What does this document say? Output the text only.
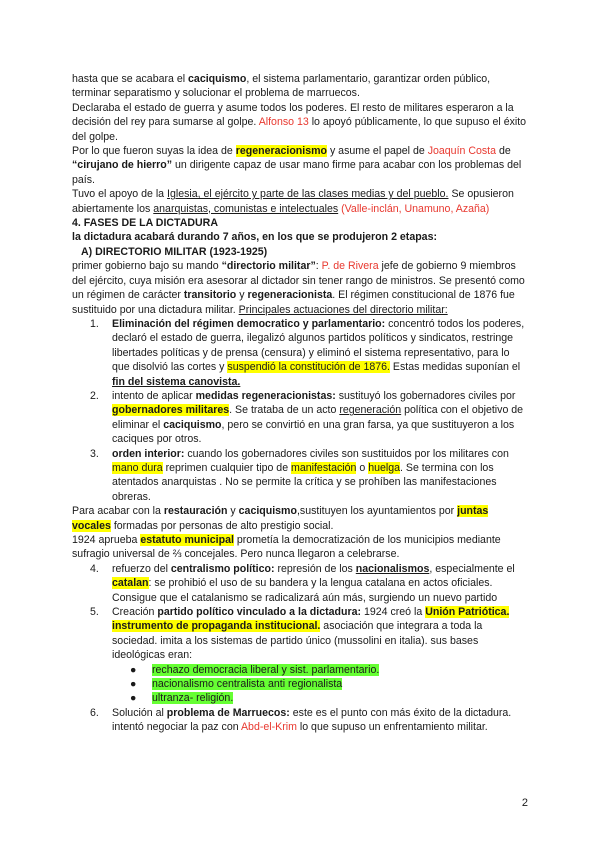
hasta que se acabara el caciquismo, el sistema parlamentario, garantizar orden público, terminar separatismo y solucionar el problema de marruecos.

Declaraba el estado de guerra y asume todos los poderes. El resto de militares esperaron a la decisión del rey para sumarse al golpe. Alfonso 13 lo apoyó públicamente, lo que supuso el éxito del golpe.

Por lo que fueron suyas la idea de regeneracionismo y asume el papel de Joaquín Costa de “cirujano de hierro” un dirigente capaz de usar mano firme para acabar con los problemas del país.

Tuvo el apoyo de la Iglesia, el ejército y parte de las clases medias y del pueblo. Se opusieron abiertamente los anarquistas, comunistas e intelectuales (Valle-inclán, Unamuno, Azaña)

4. FASES DE LA DICTADURA

la dictadura acabará durando 7 años, en los que se produjeron 2 etapas:

A) DIRECTORIO MILITAR (1923-1925)

primer gobierno bajo su mando “directorio militar”: P. de Rivera jefe de gobierno 9 miembros del ejército, cuya misión era asesorar al dictador sin tener rango de ministros. Se presentó como un régimen de carácter transitorio y regeneracionista. El régimen constitucional de 1876 fue sustituido por una dictadura militar. Principales actuaciones del directorio militar:

1. Eliminación del régimen democratico y parlamentario: concentró todos los poderes, declaró el estado de guerra, ilegalizó algunos partidos políticos y sindicatos, restringe libertades políticas y de prensa (censura) y eliminó el sistema representativo, para lo que disolvió las cortes y suspendió la constitución de 1876. Estas medidas suponían el fin del sistema canovista.
2. intento de aplicar medidas regeneracionistas: sustituyó los gobernadores civiles por gobernadores militares. Se trataba de un acto regeneración política con el objetivo de eliminar el caciquismo, pero se convirtió en una gran farsa, ya que sustituyeron a los caciques por otros.
3. orden interior: cuando los gobernadores civiles son sustituidos por los militares con mano dura reprimen cualquier tipo de manifestación o huelga. Se termina con los atentados anarquistas . No se permite la crítica y se prohíben las manifestaciones obreras.

Para acabar con la restauración y caciquismo,sustituyen los ayuntamientos por juntas vocales formadas por personas de alto prestigio social.

1924 aprueba estatuto municipal prometía la democratización de los municipios mediante sufragio universal de ⅔ concejales. Pero nunca llegaron a celebrarse.

4. refuerzo del centralismo político: represión de los nacionalismos, especialmente el catalan: se prohibió el uso de su bandera y la lengua catalana en actos oficiales. Consigue que el catalanismo se radicalizará aún más, surgiendo un nuevo partido
5. Creación partido político vinculado a la dictadura: 1924 creó la Unión Patriótica. instrumento de propaganda institucional. asociación que integrara a toda la sociedad. imita a los sistemas de partido único (mussolini en italia). sus bases ideológicas eran:
● rechazo democracia liberal y sist. parlamentario.
● nacionalismo centralista anti regionalista
● ultranza- religión.
6. Solución al problema de Marruecos: este es el punto con más éxito de la dictadura. intentó negociar la paz con Abd-el-Krim lo que supuso un enfrentamiento militar.
2
